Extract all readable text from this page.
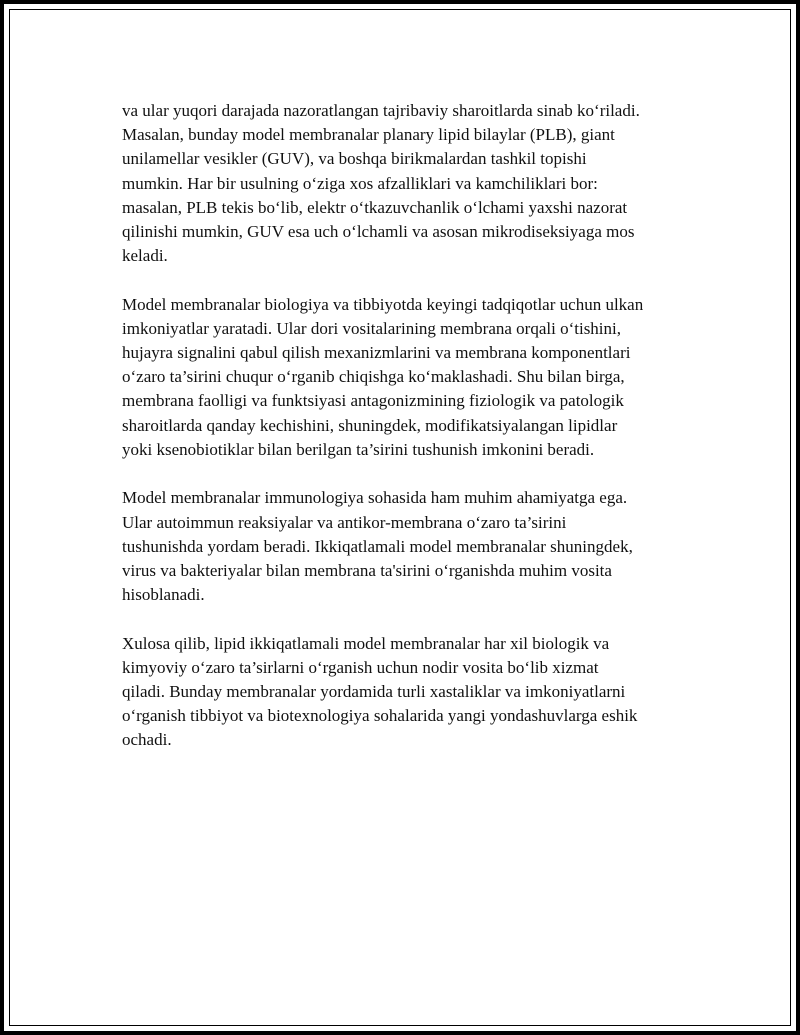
va ular yuqori darajada nazoratlangan tajribaviy sharoitlarda sinab ko‘riladi.
Masalan, bunday model membranalar planary lipid bilaylar (PLB), giant
unilamellar vesikler (GUV), va boshqa birikmalardan tashkil topishi
mumkin. Har bir usulning o‘ziga xos afzalliklari va kamchiliklari bor:
masalan, PLB tekis bo‘lib, elektr o‘tkazuvchanlik o‘lchami yaxshi nazorat
qilinishi mumkin, GUV esa uch o‘lchamli va asosan mikrodiseksiyaga mos
keladi.

Model membranalar biologiya va tibbiyotda keyingi tadqiqotlar uchun ulkan
imkoniyatlar yaratadi. Ular dori vositalarining membrana orqali o‘tishini,
hujayra signalini qabul qilish mexanizmlarini va membrana komponentlari
o‘zaro ta’sirini chuqur o‘rganib chiqishga ko‘maklashadi. Shu bilan birga,
membrana faolligi va funktsiyasi antagonizmining fiziologik va patologik
sharoitlarda qanday kechishini, shuningdek, modifikatsiyalangan lipidlar
yoki ksenobiotiklar bilan berilgan ta’sirini tushunish imkonini beradi.

Model membranalar immunologiya sohasida ham muhim ahamiyatga ega.
Ular autoimmun reaksiyalar va antikor-membrana o‘zaro ta’sirini
tushunishda yordam beradi. Ikkiqatlamali model membranalar shuningdek,
virus va bakteriyalar bilan membrana ta'sirini o‘rganishda muhim vosita
hisoblanadi.

Xulosa qilib, lipid ikkiqatlamali model membranalar har xil biologik va
kimyoviy o‘zaro ta’sirlarni o‘rganish uchun nodir vosita bo‘lib xizmat
qiladi. Bunday membranalar yordamida turli xastaliklar va imkoniyatlarni
o‘rganish tibbiyot va biotexnologiya sohalarida yangi yondashuvlarga eshik
ochadi.
